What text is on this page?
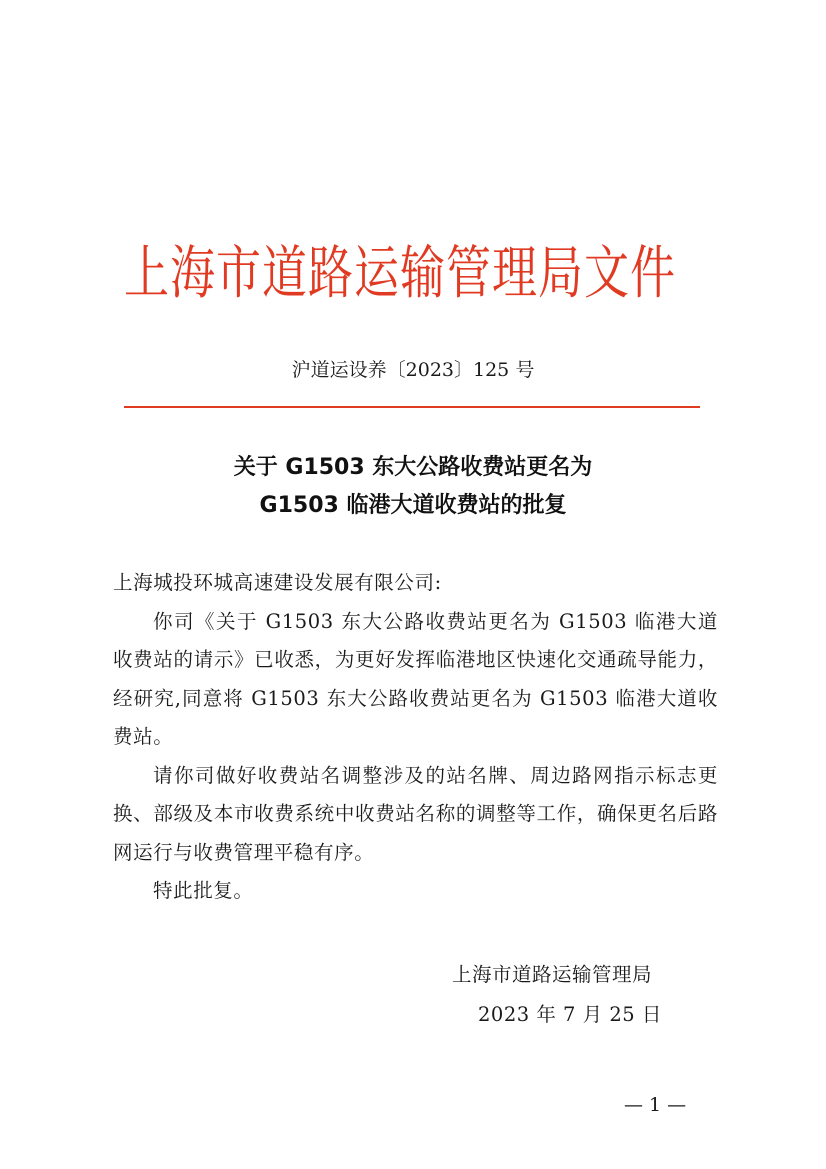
上海市道路运输管理局文件
沪道运设养〔2023〕125 号
关于 G1503 东大公路收费站更名为
G1503 临港大道收费站的批复

上海城投环城高速建设发展有限公司:

你司《关于 G1503 东大公路收费站更名为 G1503 临港大道收费站的请示》已收悉，为更好发挥临港地区快速化交通疏导能力，经研究,同意将 G1503 东大公路收费站更名为 G1503 临港大道收费站。

请你司做好收费站名调整涉及的站名牌、周边路网指示标志更换、部级及本市收费系统中收费站名称的调整等工作，确保更名后路网运行与收费管理平稳有序。

特此批复。

上海市道路运输管理局
2023 年 7 月 25 日
— 1 —
